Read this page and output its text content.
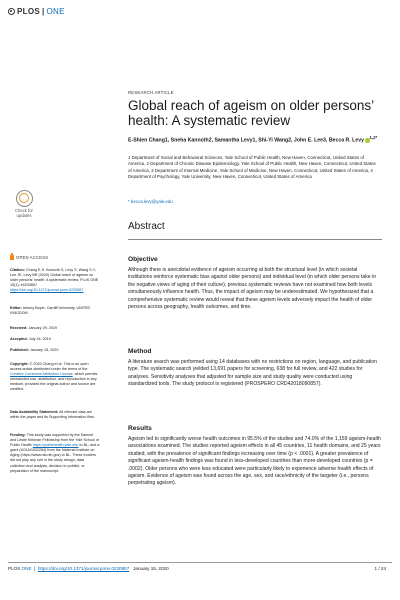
PLOS | ONE
RESEARCH ARTICLE
Global reach of ageism on older persons’ health: A systematic review
E-Shien Chang1, Sneha Kannoth2, Samantha Levy1, Shi-Yi Wang2, John E. Lee3, Becca R. Levy$^{1,2*}$
1 Department of Social and Behavioral Sciences, Yale School of Public Health, New Haven, Connecticut, United States of America, 2 Department of Chronic Disease Epidemiology, Yale School of Public Health, New Haven, Connecticut, United States of America, 3 Department of Internal Medicine, Yale School of Medicine, New Haven, Connecticut, United States of America, 4 Department of Psychology, Yale University, New Haven, Connecticut, United States of America
* becca.levy@yale.edu
Abstract
Objective
Although there is anecdotal evidence of ageism occurring at both the structural level (in which societal institutions reinforce systematic bias against older persons) and individual level (in which older persons take in the negative views of aging of their culture), previous systematic reviews have not examined how both levels simultaneously influence health. Thus, the impact of ageism may be underestimated. We hypothesized that a comprehensive systematic review would reveal that these ageism levels adversely impact the health of older persons across geography, health outcomes, and time.
Method
A literature search was performed using 14 databases with no restrictions on region, language, and publication type. The systematic search yielded 13,691 papers for screening, 638 for full review, and 422 studies for analyses. Sensitivity analyses that adjusted for sample size and study quality were conducted using standardized tools. The study protocol is registered (PROSPERO CRD42018090857).
Results
Ageism led to significantly worse health outcomes in 95.5% of the studies and 74.0% of the 1,159 ageism-health associations examined. The studies reported ageism effects in all 45 countries, 11 health domains, and 25 years studied, with the prevalence of significant findings increasing over time (p < .0001). A greater prevalence of significant ageism-health findings was found in less-developed countries than more-developed countries (p = .0002). Older persons who were less educated were particularly likely to experience adverse health effects of ageism. Evidence of ageism was found across the age, sex, and race/ethnicity of the targeter (i.e., persons perpetrating ageism).
Check for updates
OPEN ACCESS
Citation: Chang E-S, Kannoth S, Levy S, Wang S-Y, Lee JE, Levy BR (2020) Global reach of ageism on older persons’ health: A systematic review. PLoS ONE 15(1): e0230857. https://doi.org/10.1371/journal.pone.0230857
Editor: Antony Boyer, Cardiff University, UNITED KINGDOM
Received: January 29, 2019
Accepted: July 24, 2019
Published: January 15, 2020
Copyright: © 2020 Chang et al. This is an open access article distributed under the terms of the Creative Commons Attribution License, which permits unrestricted use, distribution, and reproduction in any medium, provided the original author and source are credited.
Data Availability Statement: All relevant data are within the paper and its Supporting Information files.
Funding: This study was supported by the Samuel and Leslie Kirkman Fellowship from the Yale School of Public Health https://publichealth.yale.edu to BL; and a grant (U01AG032284) from the National Institute on Aging (https://www.nia.nih.gov) to BL. These funders did not play any role in the study design, data collection and analysis, decision to publish, or preparation of the manuscript.
PLOS ONE  |  https://doi.org/10.1371/journal.pone.0230857 January 15, 2020	1 / 24
